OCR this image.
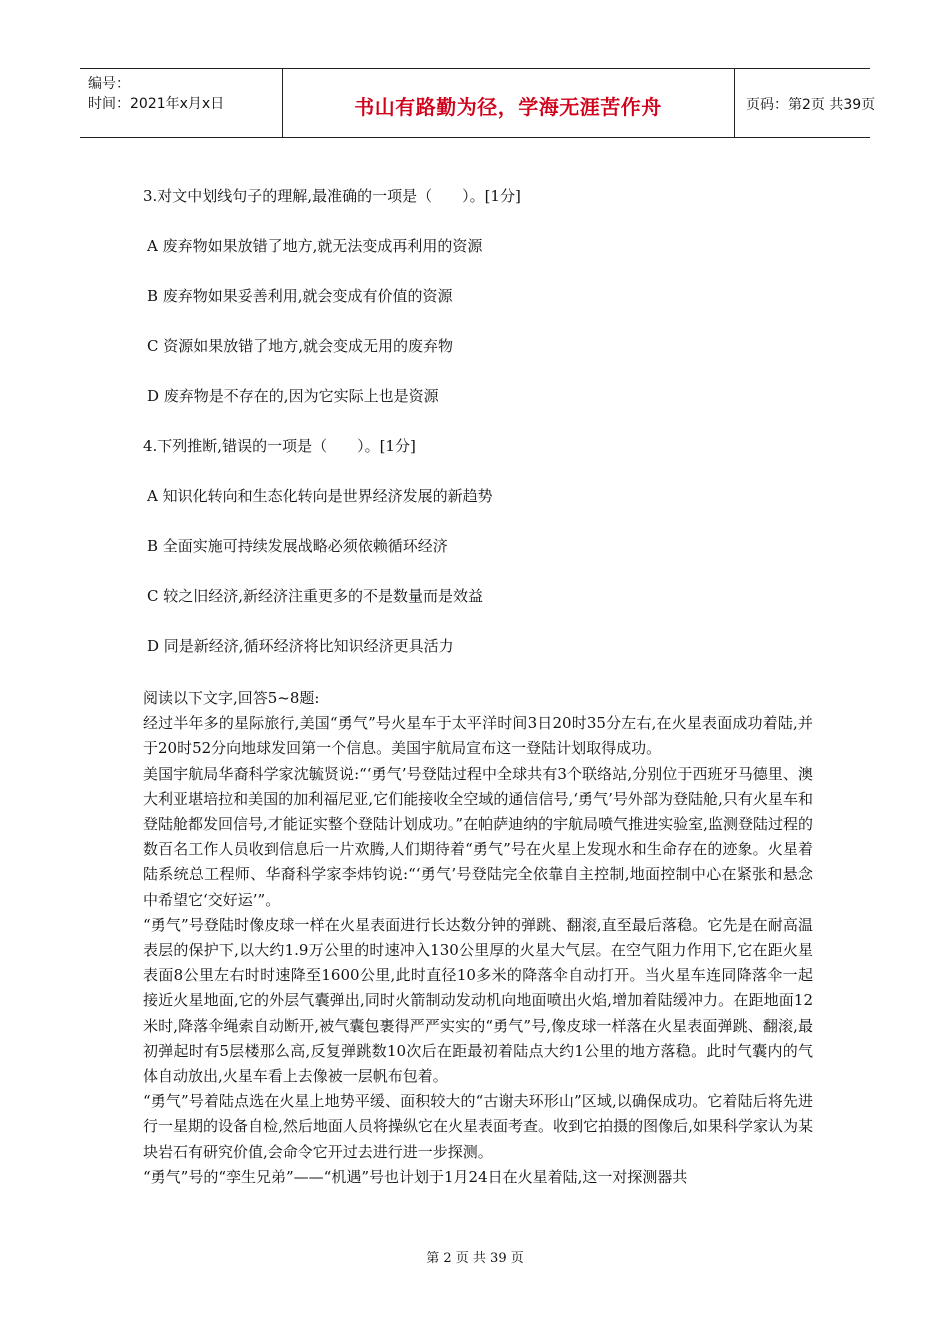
编号：
时间：2021年x月x日	书山有路勤为径，学海无涯苦作舟	页码：第2页 共39页
3.对文中划线句子的理解,最准确的一项是（　　）。[1分]
A 废弃物如果放错了地方,就无法变成再利用的资源
B 废弃物如果妥善利用,就会变成有价值的资源
C 资源如果放错了地方,就会变成无用的废弃物
D 废弃物是不存在的,因为它实际上也是资源
4.下列推断,错误的一项是（　　）。[1分]
A 知识化转向和生态化转向是世界经济发展的新趋势
B 全面实施可持续发展战略必须依赖循环经济
C 较之旧经济,新经济注重更多的不是数量而是效益
D 同是新经济,循环经济将比知识经济更具活力

阅读以下文字,回答5~8题:

经过半年多的星际旅行,美国“勇气”号火星车于太平洋时间3日20时35分左右,在火星表面成功着陆,并于20时52分向地球发回第一个信息。美国宇航局宣布这一登陆计划取得成功。

美国宇航局华裔科学家沈毓贤说:“‘勇气’号登陆过程中全球共有3个联络站,分别位于西班牙马德里、澳大利亚堪培拉和美国的加利福尼亚,它们能接收全空域的通信信号,‘勇气’号外部为登陆舱,只有火星车和登陆舱都发回信号,才能证实整个登陆计划成功。”在帕萨迪纳的宇航局喷气推进实验室,监测登陆过程的数百名工作人员收到信息后一片欢腾,人们期待着“勇气”号在火星上发现水和生命存在的迹象。火星着陆系统总工程师、华裔科学家李炜钧说:“‘勇气’号登陆完全依靠自主控制,地面控制中心在紧张和悬念中希望它‘交好运’”。

“勇气”号登陆时像皮球一样在火星表面进行长达数分钟的弹跳、翻滚,直至最后落稳。它先是在耐高温表层的保护下,以大约1.9万公里的时速冲入130公里厚的火星大气层。在空气阻力作用下,它在距火星表面8公里左右时时速降至1600公里,此时直径10多米的降落伞自动打开。当火星车连同降落伞一起接近火星地面,它的外层气囊弹出,同时火箭制动发动机向地面喷出火焰,增加着陆缓冲力。在距地面12米时,降落伞绳索自动断开,被气囊包裹得严严实实的“勇气”号,像皮球一样落在火星表面弹跳、翻滚,最初弹起时有5层楼那么高,反复弹跳数10次后在距最初着陆点大约1公里的地方落稳。此时气囊内的气体自动放出,火星车看上去像被一层帆布包着。

“勇气”号着陆点选在火星上地势平缓、面积较大的“古谢夫环形山”区域,以确保成功。它着陆后将先进行一星期的设备自检,然后地面人员将操纵它在火星表面考查。收到它拍摄的图像后,如果科学家认为某块岩石有研究价值,会命令它开过去进行进一步探测。

“勇气”号的“孪生兄弟”——“机遇”号也计划于1月24日在火星着陆,这一对探测器共

第 2 页 共 39 页
